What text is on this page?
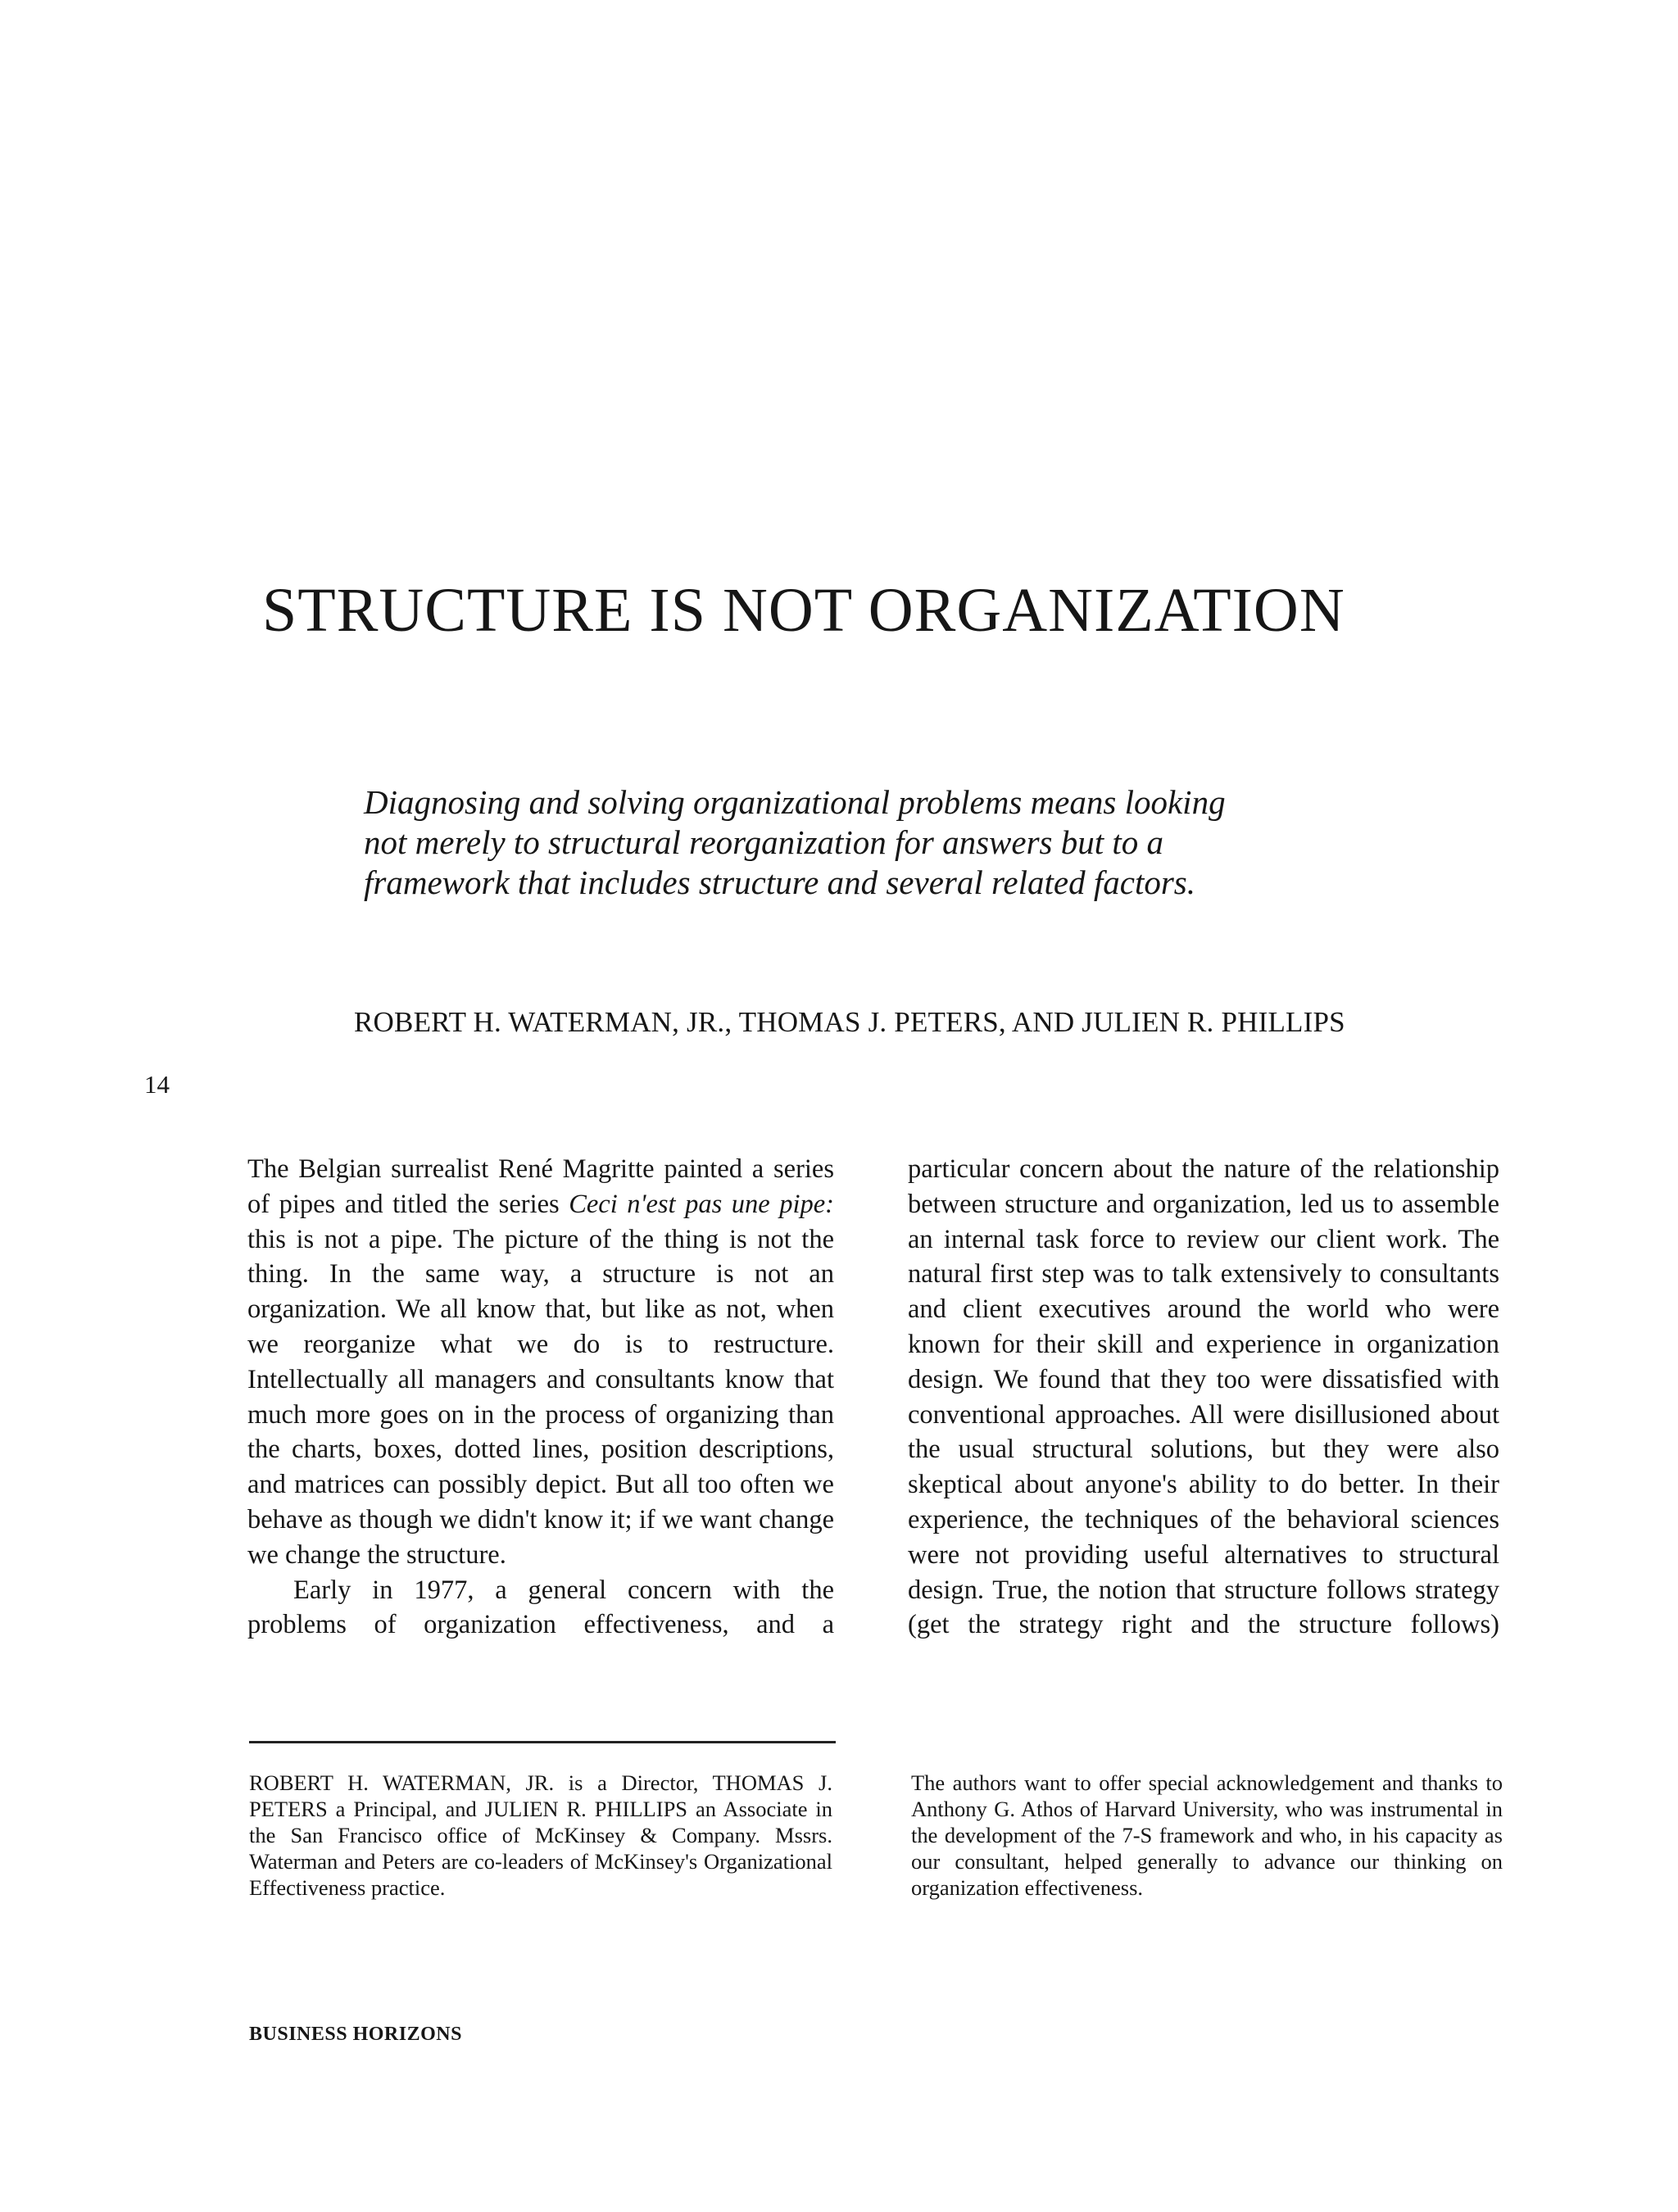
STRUCTURE IS NOT ORGANIZATION
Diagnosing and solving organizational problems means looking
not merely to structural reorganization for answers but to a
framework that includes structure and several related factors.
ROBERT H. WATERMAN, JR., THOMAS J. PETERS, AND JULIEN R. PHILLIPS
14

The Belgian surrealist René Magritte painted a series of pipes and titled the series Ceci n'est pas une pipe: this is not a pipe. The picture of the thing is not the thing. In the same way, a structure is not an organization. We all know that, but like as not, when we reorganize what we do is to restructure. Intellectually all managers and consultants know that much more goes on in the process of organizing than the charts, boxes, dotted lines, position descriptions, and matrices can possibly depict. But all too often we behave as though we didn't know it; if we want change we change the structure.

Early in 1977, a general concern with the problems of organization effectiveness, and a

particular concern about the nature of the relationship between structure and organization, led us to assemble an internal task force to review our client work. The natural first step was to talk extensively to consultants and client executives around the world who were known for their skill and experience in organization design. We found that they too were dissatisfied with conventional approaches. All were disillusioned about the usual structural solutions, but they were also skeptical about anyone's ability to do better. In their experience, the techniques of the behavioral sciences were not providing useful alternatives to structural design. True, the notion that structure follows strategy (get the strategy right and the structure follows)

ROBERT H. WATERMAN, JR. is a Director, THOMAS J. PETERS a Principal, and JULIEN R. PHILLIPS an Associate in the San Francisco office of McKinsey & Company. Mssrs. Waterman and Peters are co-leaders of McKinsey's Organizational Effectiveness practice.

The authors want to offer special acknowledgement and thanks to Anthony G. Athos of Harvard University, who was instrumental in the development of the 7-S framework and who, in his capacity as our consultant, helped generally to advance our thinking on organization effectiveness.

BUSINESS HORIZONS
